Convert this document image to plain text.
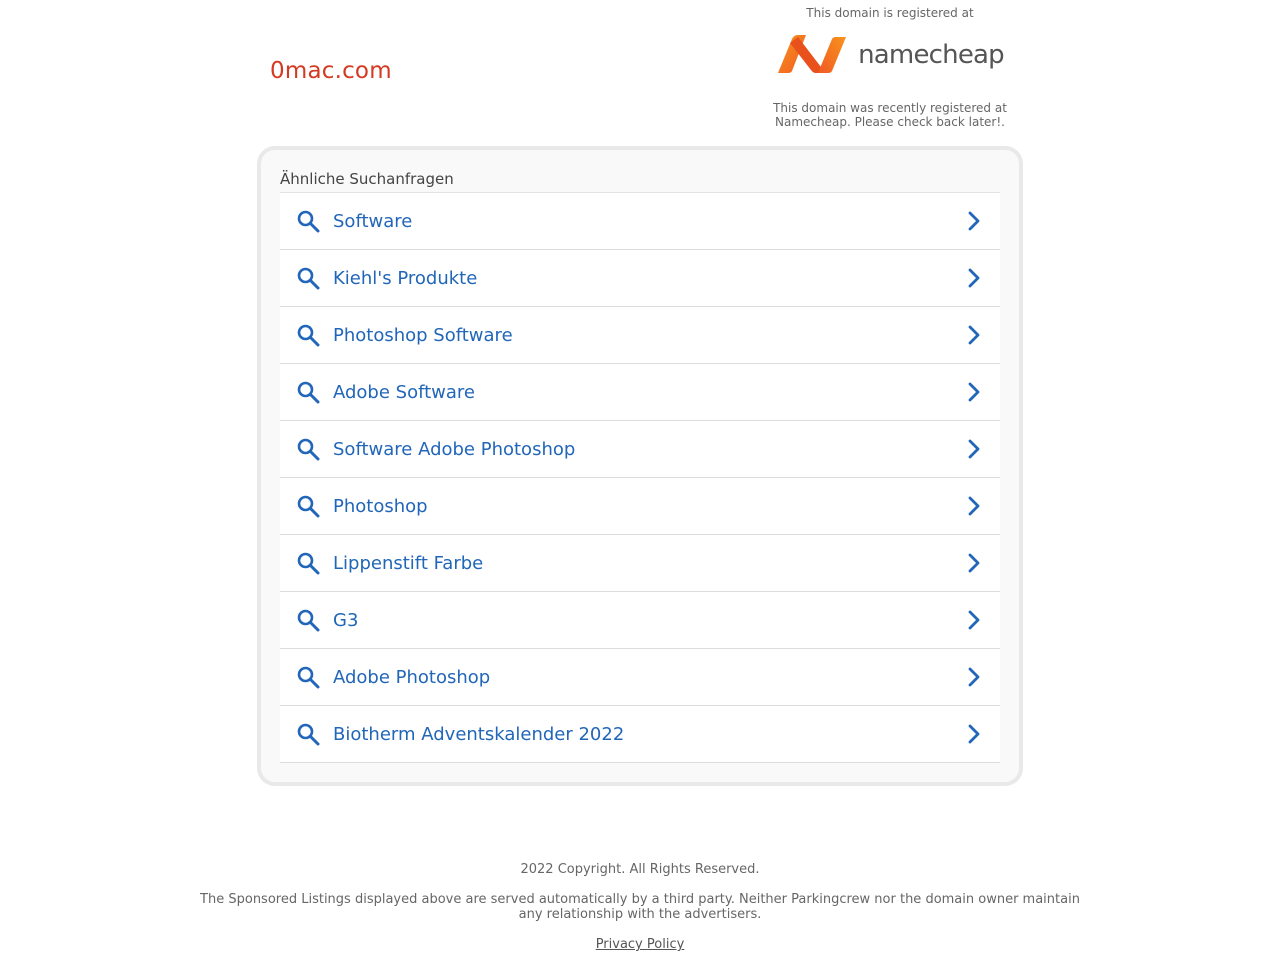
0mac.com
This domain is registered at
namecheap
This domain was recently registered at Namecheap. Please check back later!.
Ähnliche Suchanfragen
Software
Kiehl's Produkte
Photoshop Software
Adobe Software
Software Adobe Photoshop
Photoshop
Lippenstift Farbe
G3
Adobe Photoshop
Biotherm Adventskalender 2022
2022 Copyright. All Rights Reserved.
The Sponsored Listings displayed above are served automatically by a third party. Neither Parkingcrew nor the domain owner maintain any relationship with the advertisers.
Privacy Policy
